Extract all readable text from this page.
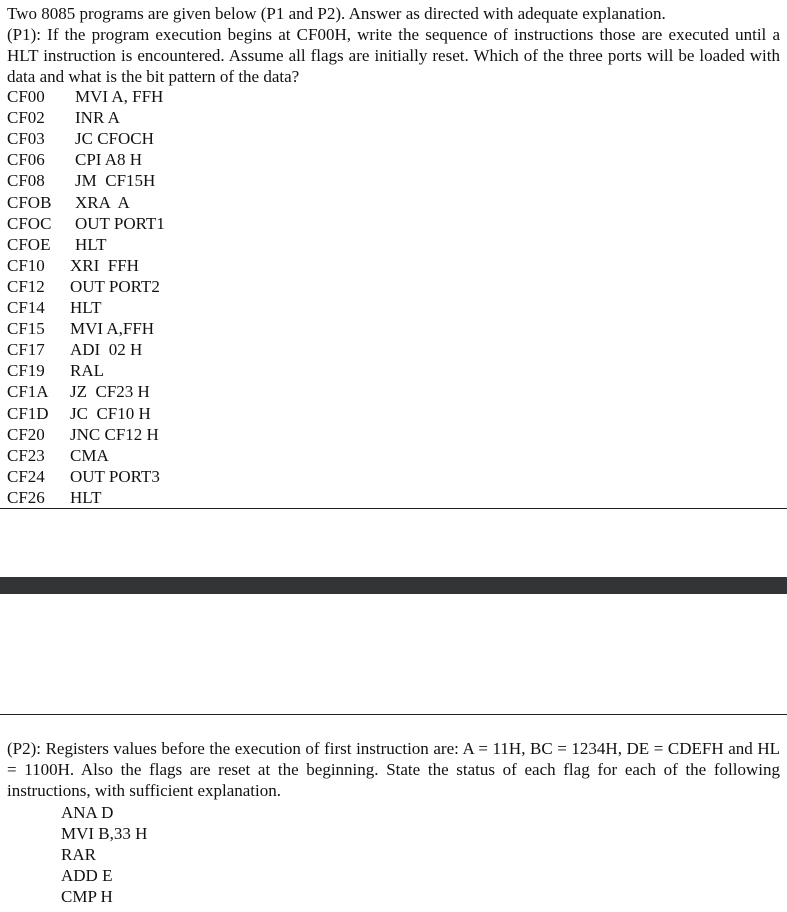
Two 8085 programs are given below (P1 and P2). Answer as directed with adequate explanation.

(P1): If the program execution begins at CF00H, write the sequence of instructions those are executed until a HLT instruction is encountered. Assume all flags are initially reset. Which of the three ports will be loaded with data and what is the bit pattern of the data?

CF00 MVI A, FFH
CF02 INR A
CF03 JC CFOCH
CF06 CPI A8 H
CF08 JM  CF15H
CFOB XRA  A
CFOC OUT PORT1
CFOE HLT
CF10 XRI  FFH
CF12 OUT PORT2
CF14 HLT
CF15 MVI A,FFH
CF17 ADI  02 H
CF19 RAL
CF1A JZ  CF23 H
CF1D JC  CF10 H
CF20 JNC CF12 H
CF23 CMA
CF24 OUT PORT3
CF26 HLT

(P2): Registers values before the execution of first instruction are: A = 11H, BC = 1234H, DE = CDEFH and HL = 1100H. Also the flags are reset at the beginning. State the status of each flag for each of the following instructions, with sufficient explanation.

ANA D
MVI B,33 H
RAR
ADD E
CMP H
